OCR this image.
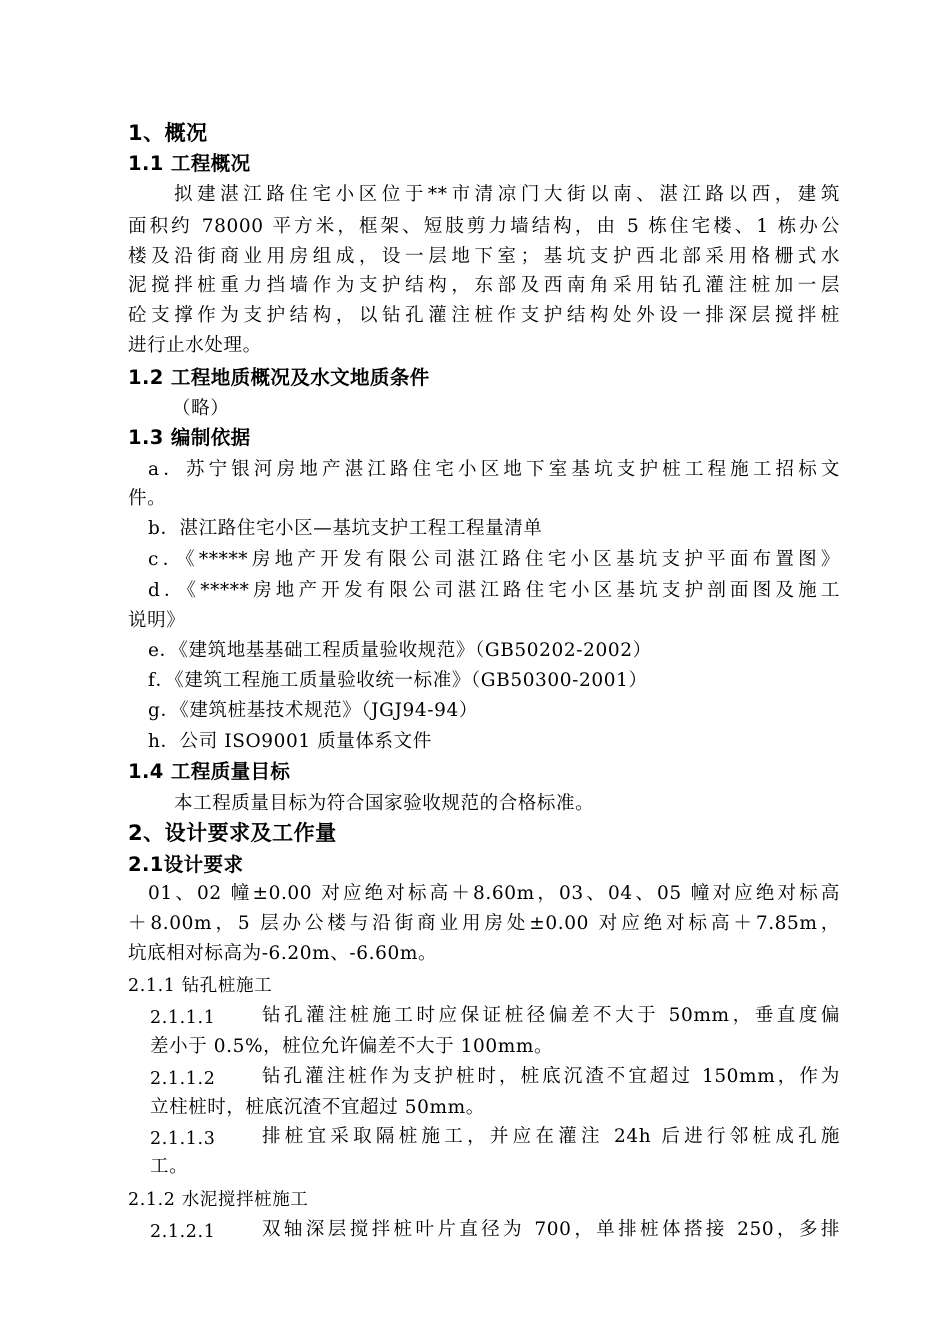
1、概况
1.1 工程概况
拟建湛江路住宅小区位于**市清凉门大街以南、湛江路以西，建筑
面积约 78000 平方米，框架、短肢剪力墙结构，由 5 栋住宅楼、1 栋办公
楼及沿街商业用房组成，设一层地下室；基坑支护西北部采用格栅式水
泥搅拌桩重力挡墙作为支护结构，东部及西南角采用钻孔灌注桩加一层
砼支撑作为支护结构，以钻孔灌注桩作支护结构处外设一排深层搅拌桩
进行止水处理。
1.2 工程地质概况及水文地质条件
（略）
1.3 编制依据
a．苏宁银河房地产湛江路住宅小区地下室基坑支护桩工程施工招标文
件。
b．湛江路住宅小区—基坑支护工程工程量清单
c．《*****房地产开发有限公司湛江路住宅小区基坑支护平面布置图》
d．《*****房地产开发有限公司湛江路住宅小区基坑支护剖面图及施工
说明》
e．《建筑地基基础工程质量验收规范》（GB50202-2002）
f．《建筑工程施工质量验收统一标准》（GB50300-2001）
g．《建筑桩基技术规范》（JGJ94-94）
h．公司 ISO9001 质量体系文件
1.4 工程质量目标
本工程质量目标为符合国家验收规范的合格标准。
2、设计要求及工作量
2.1设计要求
01、02 幢±0.00 对应绝对标高＋8.60m，03、04、05 幢对应绝对标高
＋8.00m，5 层办公楼与沿街商业用房处±0.00 对应绝对标高＋7.85m，
坑底相对标高为-6.20m、-6.60m。
2.1.1 钻孔桩施工
2.1.1.1	钻孔灌注桩施工时应保证桩径偏差不大于 50mm，垂直度偏
差小于 0.5%，桩位允许偏差不大于 100mm。
2.1.1.2	钻孔灌注桩作为支护桩时，桩底沉渣不宜超过 150mm，作为
立柱桩时，桩底沉渣不宜超过 50mm。
2.1.1.3	排桩宜采取隔桩施工，并应在灌注 24h 后进行邻桩成孔施
工。
2.1.2 水泥搅拌桩施工
2.1.2.1	双轴深层搅拌桩叶片直径为 700，单排桩体搭接 250，多排
